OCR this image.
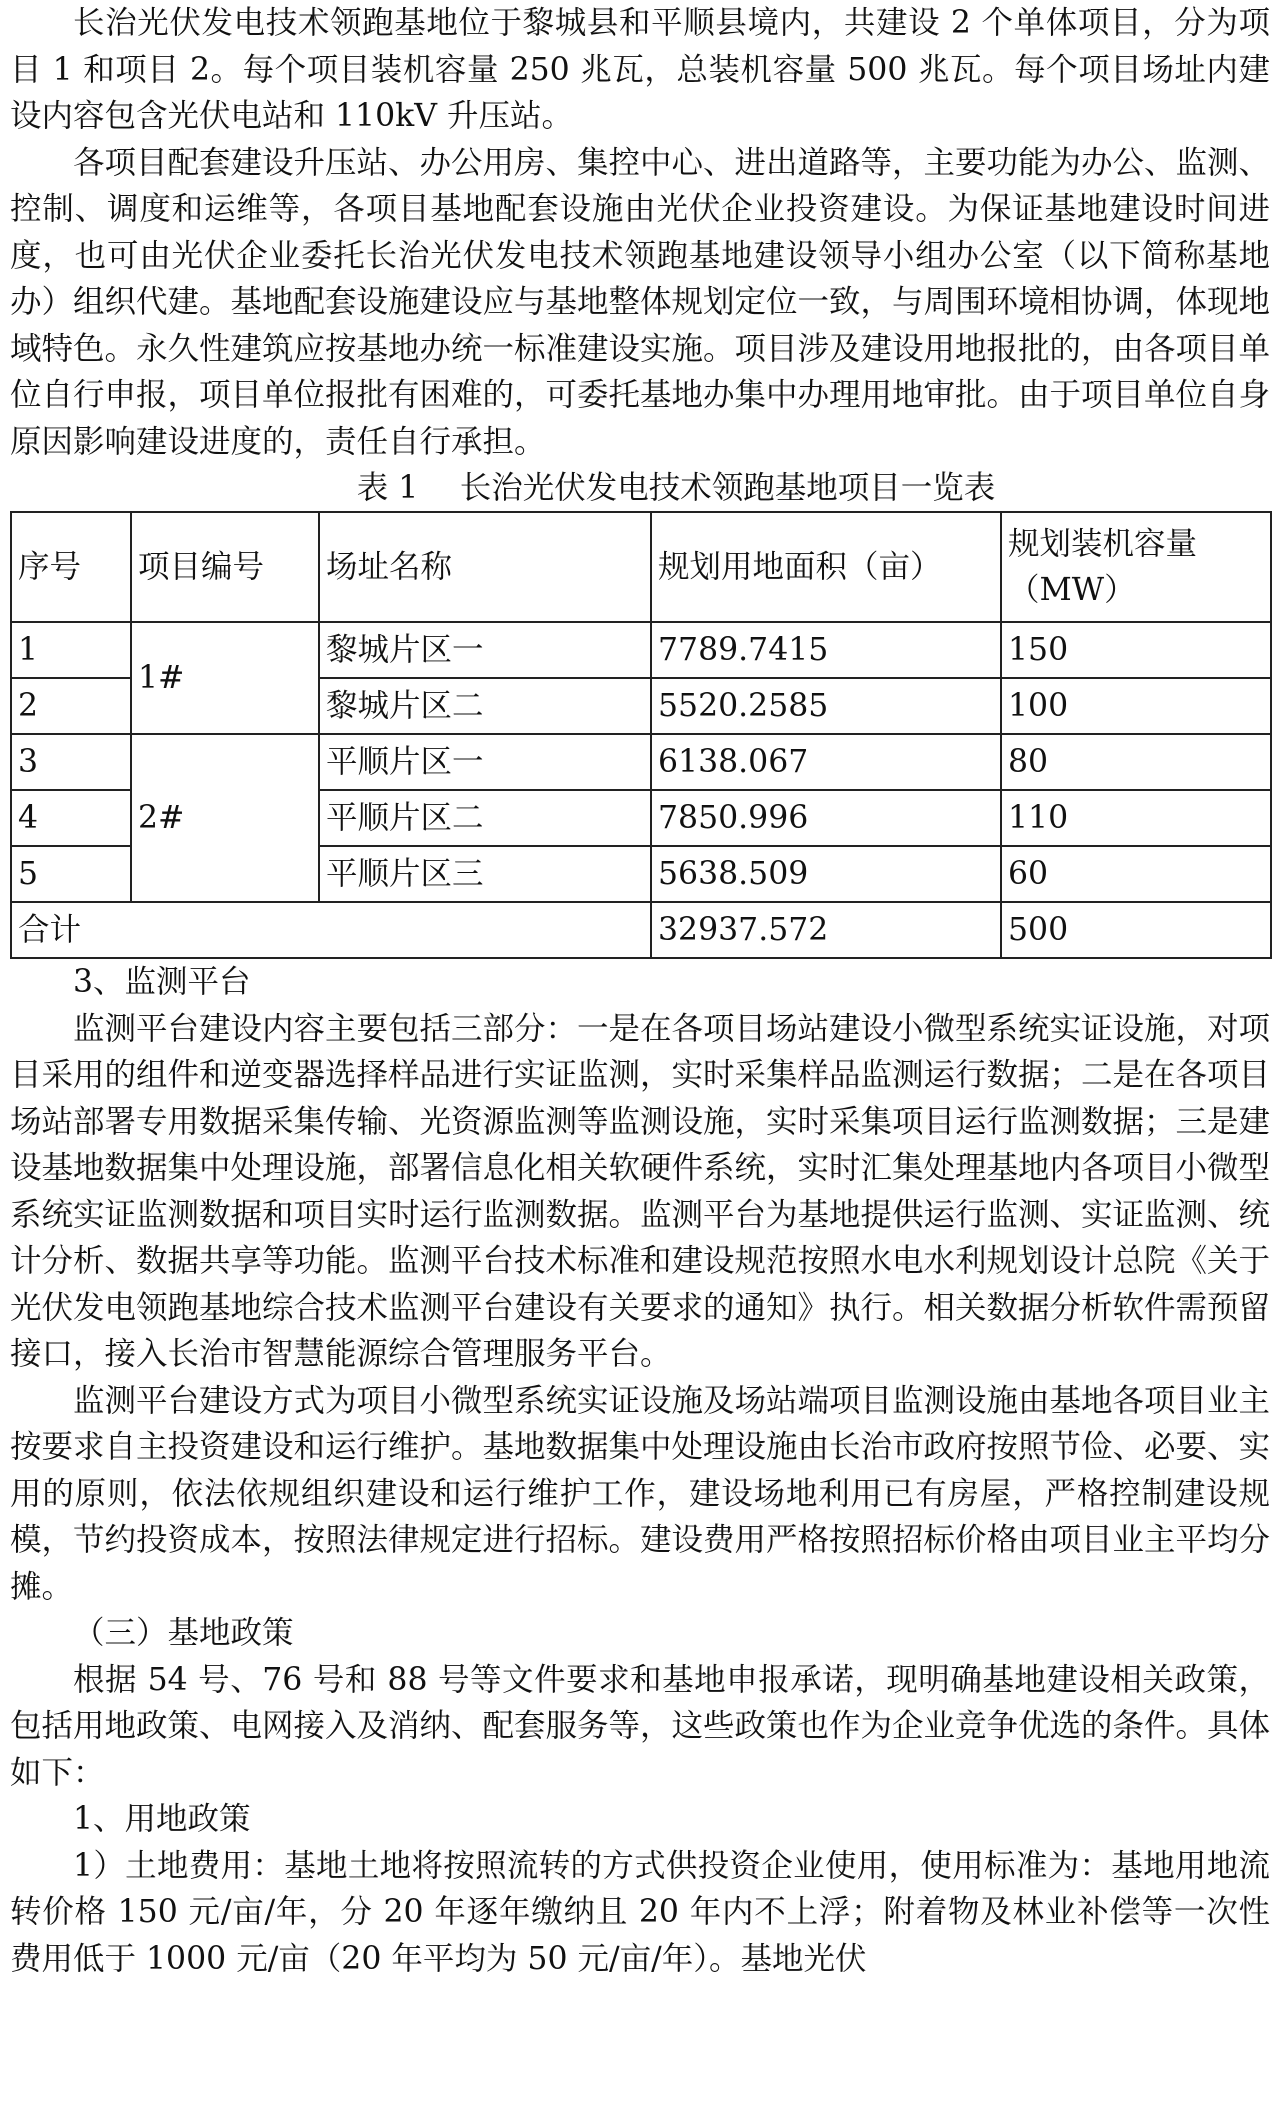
长治光伏发电技术领跑基地位于黎城县和平顺县境内，共建设 2 个单体项目，分为项目 1 和项目 2。每个项目装机容量 250 兆瓦，总装机容量 500 兆瓦。每个项目场址内建设内容包含光伏电站和 110kV 升压站。

各项目配套建设升压站、办公用房、集控中心、进出道路等，主要功能为办公、监测、控制、调度和运维等，各项目基地配套设施由光伏企业投资建设。为保证基地建设时间进度，也可由光伏企业委托长治光伏发电技术领跑基地建设领导小组办公室（以下简称基地办）组织代建。基地配套设施建设应与基地整体规划定位一致，与周围环境相协调，体现地域特色。永久性建筑应按基地办统一标准建设实施。项目涉及建设用地报批的，由各项目单位自行申报，项目单位报批有困难的，可委托基地办集中办理用地审批。由于项目单位自身原因影响建设进度的，责任自行承担。

表 1　 长治光伏发电技术领跑基地项目一览表

序号	项目编号	场址名称	规划用地面积（亩）	规划装机容量（MW）
1	1#	黎城片区一	7789.7415	150
2		黎城片区二	5520.2585	100
3	2#	平顺片区一	6138.067	80
4		平顺片区二	7850.996	110
5		平顺片区三	5638.509	60
合计			32937.572	500

3、监测平台

监测平台建设内容主要包括三部分：一是在各项目场站建设小微型系统实证设施，对项目采用的组件和逆变器选择样品进行实证监测，实时采集样品监测运行数据；二是在各项目场站部署专用数据采集传输、光资源监测等监测设施，实时采集项目运行监测数据；三是建设基地数据集中处理设施，部署信息化相关软硬件系统，实时汇集处理基地内各项目小微型系统实证监测数据和项目实时运行监测数据。监测平台为基地提供运行监测、实证监测、统计分析、数据共享等功能。监测平台技术标准和建设规范按照水电水利规划设计总院《关于光伏发电领跑基地综合技术监测平台建设有关要求的通知》执行。相关数据分析软件需预留接口，接入长治市智慧能源综合管理服务平台。

监测平台建设方式为项目小微型系统实证设施及场站端项目监测设施由基地各项目业主按要求自主投资建设和运行维护。基地数据集中处理设施由长治市政府按照节俭、必要、实用的原则，依法依规组织建设和运行维护工作，建设场地利用已有房屋，严格控制建设规模，节约投资成本，按照法律规定进行招标。建设费用严格按照招标价格由项目业主平均分摊。

（三）基地政策

根据 54 号、76 号和 88 号等文件要求和基地申报承诺，现明确基地建设相关政策，包括用地政策、电网接入及消纳、配套服务等，这些政策也作为企业竞争优选的条件。具体如下：

1、用地政策

1）土地费用：基地土地将按照流转的方式供投资企业使用，使用标准为：基地用地流转价格 150 元/亩/年，分 20 年逐年缴纳且 20 年内不上浮；附着物及林业补偿等一次性费用低于 1000 元/亩（20 年平均为 50 元/亩/年）。基地光伏
